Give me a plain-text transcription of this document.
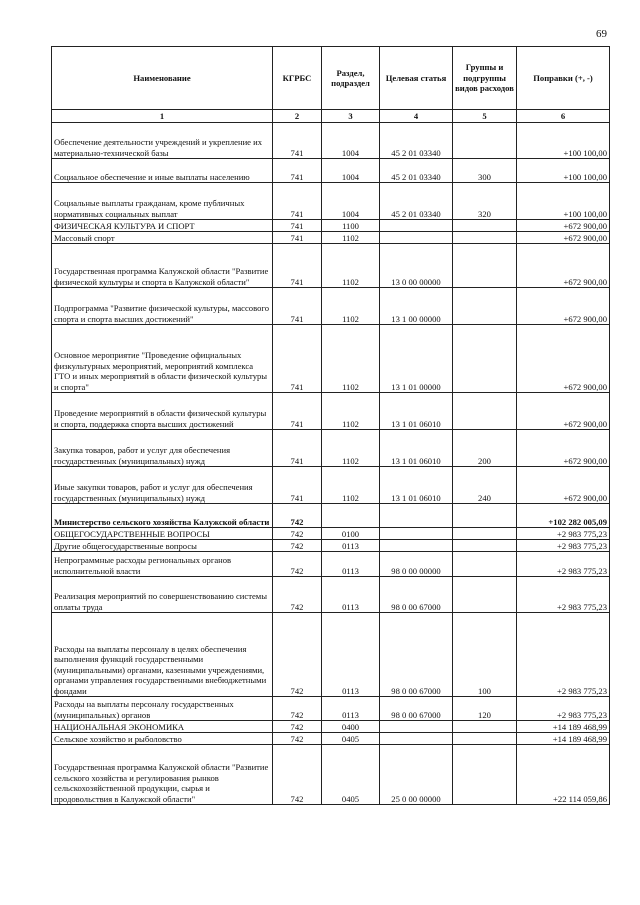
69
Наименование	КГРБС	Раздел, подраздел	Целевая статья	Группы и подгруппы видов расходов	Поправки (+, -)
1	2	3	4	5	6
Обеспечение деятельности учреждений и укрепление их материально-технической базы	741	1004	45 2 01 03340		+100 100,00
Социальное обеспечение и иные выплаты населению	741	1004	45 2 01 03340	300	+100 100,00
Социальные выплаты гражданам, кроме публичных нормативных социальных выплат	741	1004	45 2 01 03340	320	+100 100,00
ФИЗИЧЕСКАЯ КУЛЬТУРА И СПОРТ	741	1100			+672 900,00
Массовый спорт	741	1102			+672 900,00
Государственная программа Калужской области "Развитие физической культуры и спорта в Калужской области"	741	1102	13 0 00 00000		+672 900,00
Подпрограмма "Развитие физической культуры, массового спорта и спорта высших достижений"	741	1102	13 1 00 00000		+672 900,00
Основное мероприятие "Проведение официальных физкультурных мероприятий, мероприятий комплекса ГТО и иных мероприятий в области физической культуры и спорта"	741	1102	13 1 01 00000		+672 900,00
Проведение мероприятий в области физической культуры и спорта, поддержка спорта высших достижений	741	1102	13 1 01 06010		+672 900,00
Закупка товаров, работ и услуг для обеспечения государственных (муниципальных) нужд	741	1102	13 1 01 06010	200	+672 900,00
Иные закупки товаров, работ и услуг для обеспечения государственных (муниципальных) нужд	741	1102	13 1 01 06010	240	+672 900,00
Министерство сельского хозяйства Калужской области	742				+102 282 005,09
ОБЩЕГОСУДАРСТВЕННЫЕ ВОПРОСЫ	742	0100			+2 983 775,23
Другие общегосударственные вопросы	742	0113			+2 983 775,23
Непрограммные расходы региональных органов исполнительной власти	742	0113	98 0 00 00000		+2 983 775,23
Реализация мероприятий по совершенствованию системы оплаты труда	742	0113	98 0 00 67000		+2 983 775,23
Расходы на выплаты персоналу в целях обеспечения выполнения функций государственными (муниципальными) органами, казенными учреждениями, органами управления государственными внебюджетными фондами	742	0113	98 0 00 67000	100	+2 983 775,23
Расходы на выплаты персоналу государственных (муниципальных) органов	742	0113	98 0 00 67000	120	+2 983 775,23
НАЦИОНАЛЬНАЯ ЭКОНОМИКА	742	0400			+14 189 468,99
Сельское хозяйство и рыболовство	742	0405			+14 189 468,99
Государственная программа Калужской области "Развитие сельского хозяйства и регулирования рынков сельскохозяйственной продукции, сырья и продовольствия в Калужской области"	742	0405	25 0 00 00000		+22 114 059,86
